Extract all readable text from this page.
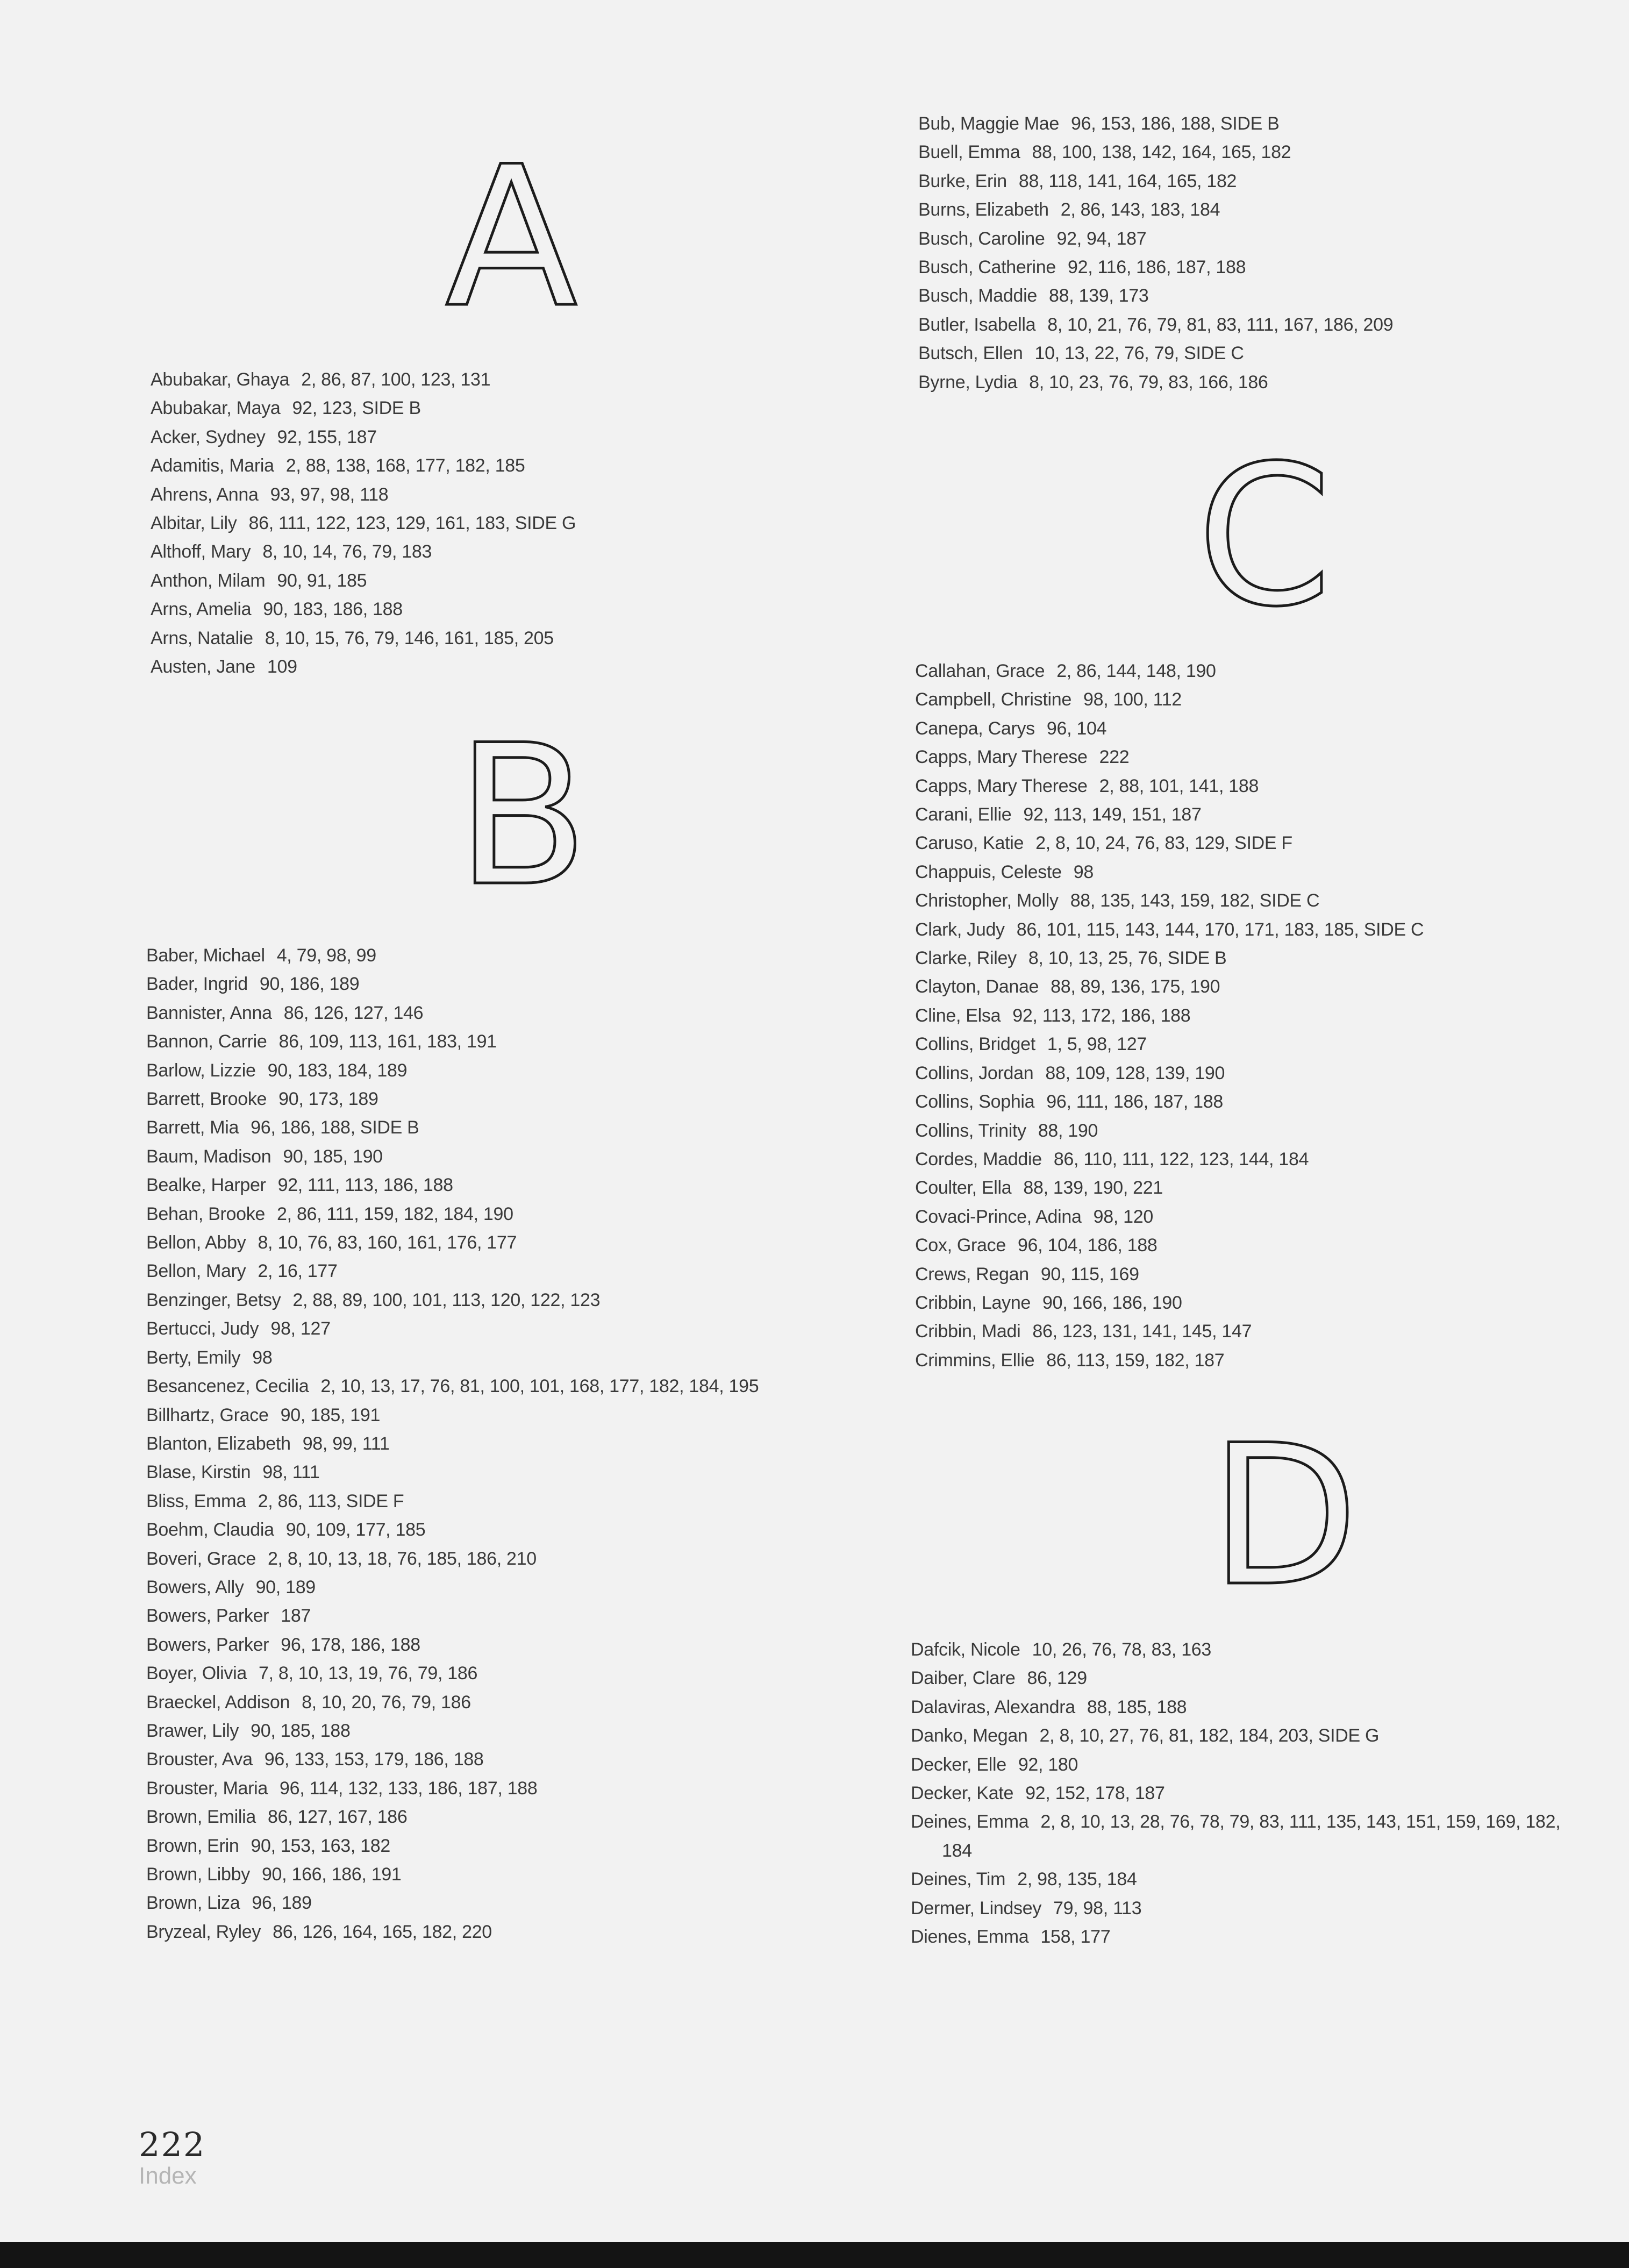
A
Abubakar, Ghaya 2, 86, 87, 100, 123, 131
Abubakar, Maya 92, 123, SIDE B
Acker, Sydney 92, 155, 187
Adamitis, Maria 2, 88, 138, 168, 177, 182, 185
Ahrens, Anna 93, 97, 98, 118
Albitar, Lily 86, 111, 122, 123, 129, 161, 183, SIDE G
Althoff, Mary 8, 10, 14, 76, 79, 183
Anthon, Milam 90, 91, 185
Arns, Amelia 90, 183, 186, 188
Arns, Natalie 8, 10, 15, 76, 79, 146, 161, 185, 205
Austen, Jane 109
B
Baber, Michael 4, 79, 98, 99
Bader, Ingrid 90, 186, 189
Bannister, Anna 86, 126, 127, 146
Bannon, Carrie 86, 109, 113, 161, 183, 191
Barlow, Lizzie 90, 183, 184, 189
Barrett, Brooke 90, 173, 189
Barrett, Mia 96, 186, 188, SIDE B
Baum, Madison 90, 185, 190
Bealke, Harper 92, 111, 113, 186, 188
Behan, Brooke 2, 86, 111, 159, 182, 184, 190
Bellon, Abby 8, 10, 76, 83, 160, 161, 176, 177
Bellon, Mary 2, 16, 177
Benzinger, Betsy 2, 88, 89, 100, 101, 113, 120, 122, 123
Bertucci, Judy 98, 127
Berty, Emily 98
Besancenez, Cecilia 2, 10, 13, 17, 76, 81, 100, 101, 168, 177, 182, 184, 195
Billhartz, Grace 90, 185, 191
Blanton, Elizabeth 98, 99, 111
Blase, Kirstin 98, 111
Bliss, Emma 2, 86, 113, SIDE F
Boehm, Claudia 90, 109, 177, 185
Boveri, Grace 2, 8, 10, 13, 18, 76, 185, 186, 210
Bowers, Ally 90, 189
Bowers, Parker 187
Bowers, Parker 96, 178, 186, 188
Boyer, Olivia 7, 8, 10, 13, 19, 76, 79, 186
Braeckel, Addison 8, 10, 20, 76, 79, 186
Brawer, Lily 90, 185, 188
Brouster, Ava 96, 133, 153, 179, 186, 188
Brouster, Maria 96, 114, 132, 133, 186, 187, 188
Brown, Emilia 86, 127, 167, 186
Brown, Erin 90, 153, 163, 182
Brown, Libby 90, 166, 186, 191
Brown, Liza 96, 189
Bryzeal, Ryley 86, 126, 164, 165, 182, 220
Bub, Maggie Mae 96, 153, 186, 188, SIDE B
Buell, Emma 88, 100, 138, 142, 164, 165, 182
Burke, Erin 88, 118, 141, 164, 165, 182
Burns, Elizabeth 2, 86, 143, 183, 184
Busch, Caroline 92, 94, 187
Busch, Catherine 92, 116, 186, 187, 188
Busch, Maddie 88, 139, 173
Butler, Isabella 8, 10, 21, 76, 79, 81, 83, 111, 167, 186, 209
Butsch, Ellen 10, 13, 22, 76, 79, SIDE C
Byrne, Lydia 8, 10, 23, 76, 79, 83, 166, 186
C
Callahan, Grace 2, 86, 144, 148, 190
Campbell, Christine 98, 100, 112
Canepa, Carys 96, 104
Capps, Mary Therese 222
Capps, Mary Therese 2, 88, 101, 141, 188
Carani, Ellie 92, 113, 149, 151, 187
Caruso, Katie 2, 8, 10, 24, 76, 83, 129, SIDE F
Chappuis, Celeste 98
Christopher, Molly 88, 135, 143, 159, 182, SIDE C
Clark, Judy 86, 101, 115, 143, 144, 170, 171, 183, 185, SIDE C
Clarke, Riley 8, 10, 13, 25, 76, SIDE B
Clayton, Danae 88, 89, 136, 175, 190
Cline, Elsa 92, 113, 172, 186, 188
Collins, Bridget 1, 5, 98, 127
Collins, Jordan 88, 109, 128, 139, 190
Collins, Sophia 96, 111, 186, 187, 188
Collins, Trinity 88, 190
Cordes, Maddie 86, 110, 111, 122, 123, 144, 184
Coulter, Ella 88, 139, 190, 221
Covaci-Prince, Adina 98, 120
Cox, Grace 96, 104, 186, 188
Crews, Regan 90, 115, 169
Cribbin, Layne 90, 166, 186, 190
Cribbin, Madi 86, 123, 131, 141, 145, 147
Crimmins, Ellie 86, 113, 159, 182, 187
D
Dafcik, Nicole 10, 26, 76, 78, 83, 163
Daiber, Clare 86, 129
Dalaviras, Alexandra 88, 185, 188
Danko, Megan 2, 8, 10, 27, 76, 81, 182, 184, 203, SIDE G
Decker, Elle 92, 180
Decker, Kate 92, 152, 178, 187
Deines, Emma 2, 8, 10, 13, 28, 76, 78, 79, 83, 111, 135, 143, 151, 159, 169, 182,
184
Deines, Tim 2, 98, 135, 184
Dermer, Lindsey 79, 98, 113
Dienes, Emma 158, 177
222
Index
